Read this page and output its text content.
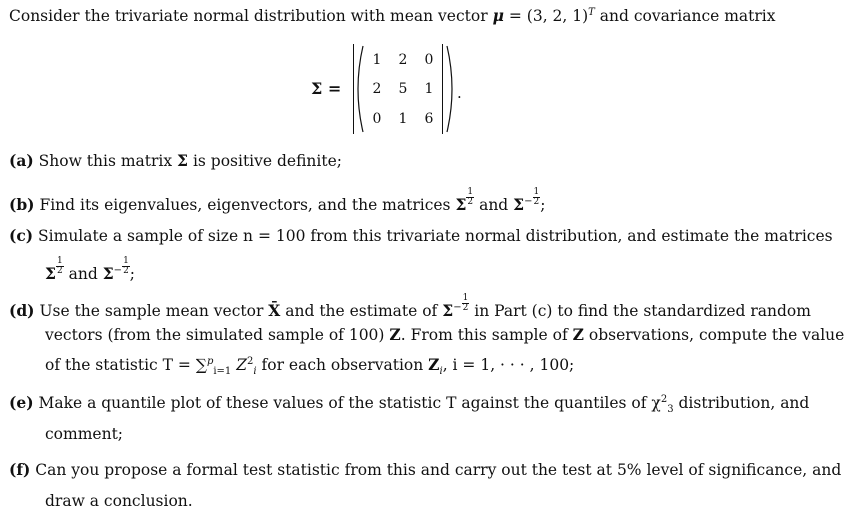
Consider the trivariate normal distribution with mean vector μ = (3, 2, 1)$^T$ and covariance matrix
Σ =
1 2 0
2 5 1
0 1 6
.
(a) Show this matrix Σ is positive definite;
(b) Find its eigenvalues, eigenvectors, and the matrices Σ $\frac{1}{2}$ and $\Sigma^- \frac{1}{2}$ ;
(c) Simulate a sample of size n = 100 from this trivariate normal distribution, and estimate the matrices
Σ $\frac{1}{2}$ and $\Sigma^- \frac{1}{2}$ ;
(d) Use the sample mean vector X̄ and the estimate of $\Sigma^- \frac{1}{2}$ in Part (c) to find the standardized random
vectors (from the simulated sample of 100) Z. From this sample of Z observations, compute the value
of the statistic T = ∑$^p_{i=1}$ $Z^2_i$ for each observation $Z_i$, i = 1, · · · , 100;
(e) Make a quantile plot of these values of the statistic T against the quantiles of $\chi^2_3$ distribution, and
comment;
(f) Can you propose a formal test statistic from this and carry out the test at 5% level of significance, and
draw a conclusion.
